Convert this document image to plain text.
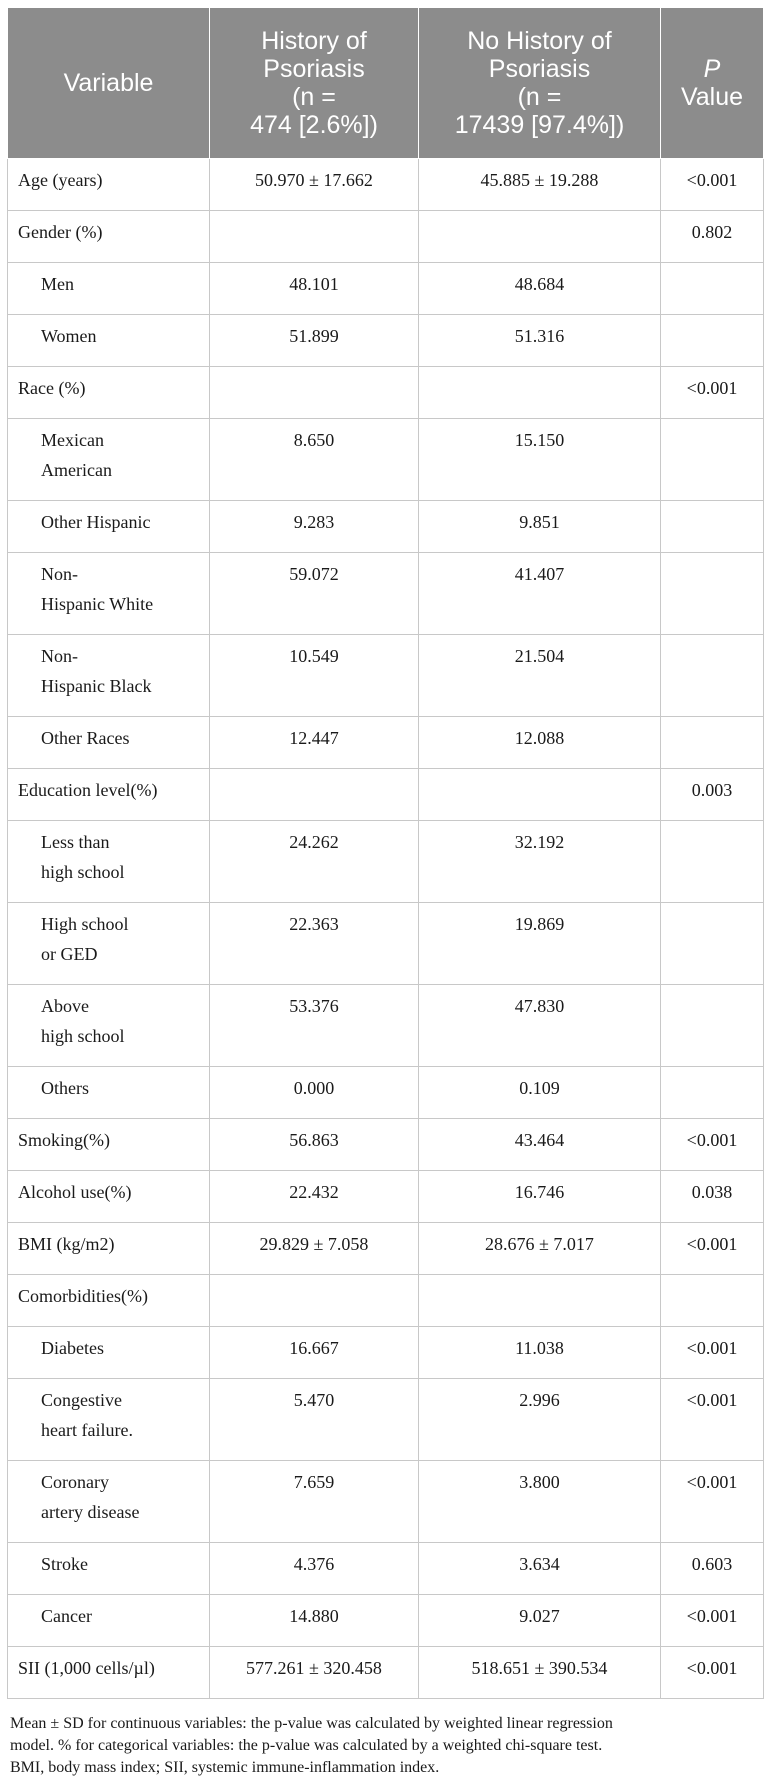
Variable	History of
Psoriasis
(n =
474 [2.6%])	No History of
Psoriasis
(n =
17439 [97.4%])	P
Value
Age (years)	50.970 ± 17.662	45.885 ± 19.288	<0.001
Gender (%)			0.802
Men	48.101	48.684	
Women	51.899	51.316	
Race (%)			<0.001
Mexican
American	8.650	15.150	
Other Hispanic	9.283	9.851	
Non-
Hispanic White	59.072	41.407	
Non-
Hispanic Black	10.549	21.504	
Other Races	12.447	12.088	
Education level(%)			0.003
Less than
high school	24.262	32.192	
High school
or GED	22.363	19.869	
Above
high school	53.376	47.830	
Others	0.000	0.109	
Smoking(%)	56.863	43.464	<0.001
Alcohol use(%)	22.432	16.746	0.038
BMI (kg/m2)	29.829 ± 7.058	28.676 ± 7.017	<0.001
Comorbidities(%)			
Diabetes	16.667	11.038	<0.001
Congestive
heart failure.	5.470	2.996	<0.001
Coronary
artery disease	7.659	3.800	<0.001
Stroke	4.376	3.634	0.603
Cancer	14.880	9.027	<0.001
SII (1,000 cells/µl)	577.261 ± 320.458	518.651 ± 390.534	<0.001
Mean ± SD for continuous variables: the p-value was calculated by weighted linear regression
model. % for categorical variables: the p-value was calculated by a weighted chi-square test.
BMI, body mass index; SII, systemic immune-inflammation index.
